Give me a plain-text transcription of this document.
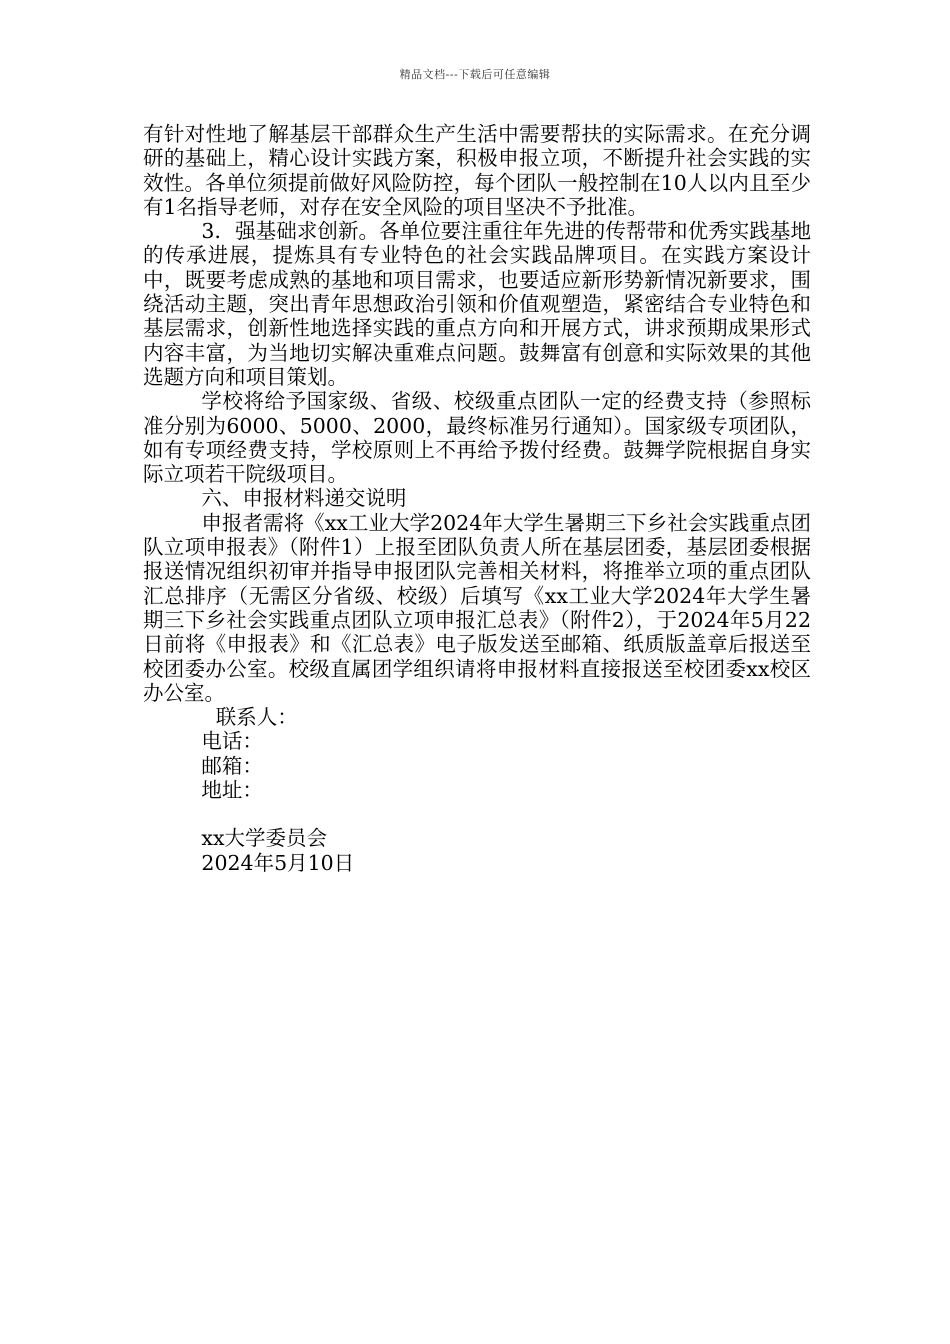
精品文档---下载后可任意编辑

有针对性地了解基层干部群众生产生活中需要帮扶的实际需求。在充分调研的基础上，精心设计实践方案，积极申报立项，不断提升社会实践的实效性。各单位须提前做好风险防控，每个团队一般控制在10人以内且至少有1名指导老师，对存在安全风险的项目坚决不予批准。

3．强基础求创新。各单位要注重往年先进的传帮带和优秀实践基地的传承进展，提炼具有专业特色的社会实践品牌项目。在实践方案设计中，既要考虑成熟的基地和项目需求，也要适应新形势新情况新要求，围绕活动主题，突出青年思想政治引领和价值观塑造，紧密结合专业特色和基层需求，创新性地选择实践的重点方向和开展方式，讲求预期成果形式内容丰富，为当地切实解决重难点问题。鼓舞富有创意和实际效果的其他选题方向和项目策划。

学校将给予国家级、省级、校级重点团队一定的经费支持（参照标准分别为6000、5000、2000，最终标准另行通知）。国家级专项团队，如有专项经费支持，学校原则上不再给予拨付经费。鼓舞学院根据自身实际立项若干院级项目。

六、申报材料递交说明

申报者需将《xx工业大学2024年大学生暑期三下乡社会实践重点团队立项申报表》（附件1）上报至团队负责人所在基层团委，基层团委根据报送情况组织初审并指导申报团队完善相关材料，将推举立项的重点团队汇总排序（无需区分省级、校级）后填写《xx工业大学2024年大学生暑期三下乡社会实践重点团队立项申报汇总表》（附件2），于2024年5月22日前将《申报表》和《汇总表》电子版发送至邮箱、纸质版盖章后报送至校团委办公室。校级直属团学组织请将申报材料直接报送至校团委xx校区办公室。

联系人：

电话：

邮箱：

地址：

xx大学委员会

2024年5月10日
